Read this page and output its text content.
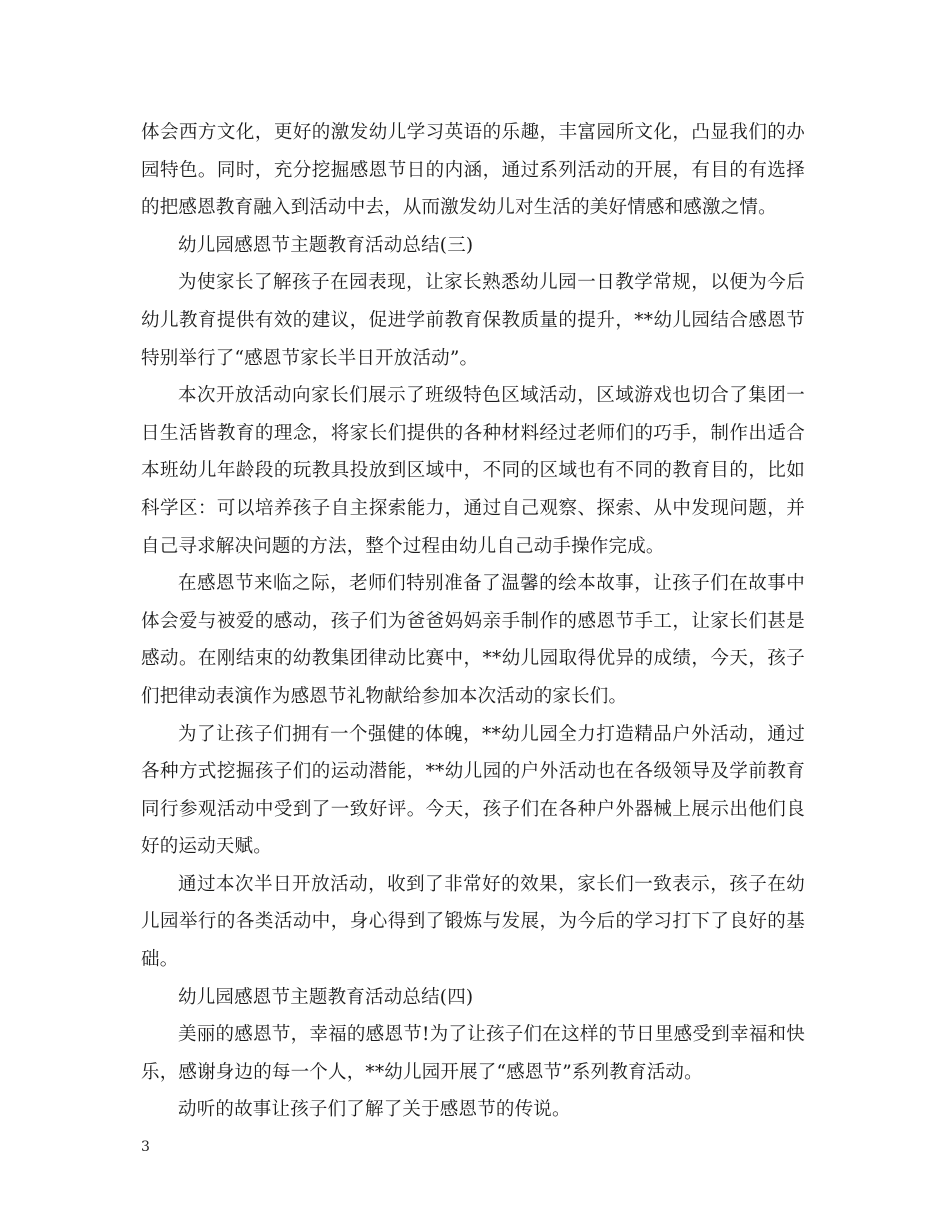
体会西方文化，更好的激发幼儿学习英语的乐趣，丰富园所文化，凸显我们的办园特色。同时，充分挖掘感恩节日的内涵，通过系列活动的开展，有目的有选择的把感恩教育融入到活动中去，从而激发幼儿对生活的美好情感和感激之情。

幼儿园感恩节主题教育活动总结(三)

为使家长了解孩子在园表现，让家长熟悉幼儿园一日教学常规，以便为今后幼儿教育提供有效的建议，促进学前教育保教质量的提升，**幼儿园结合感恩节特别举行了“感恩节家长半日开放活动”。

本次开放活动向家长们展示了班级特色区域活动，区域游戏也切合了集团一日生活皆教育的理念，将家长们提供的各种材料经过老师们的巧手，制作出适合本班幼儿年龄段的玩教具投放到区域中，不同的区域也有不同的教育目的，比如科学区：可以培养孩子自主探索能力，通过自己观察、探索、从中发现问题，并自己寻求解决问题的方法，整个过程由幼儿自己动手操作完成。

在感恩节来临之际，老师们特别准备了温馨的绘本故事，让孩子们在故事中体会爱与被爱的感动，孩子们为爸爸妈妈亲手制作的感恩节手工，让家长们甚是感动。在刚结束的幼教集团律动比赛中，**幼儿园取得优异的成绩，今天，孩子们把律动表演作为感恩节礼物献给参加本次活动的家长们。

为了让孩子们拥有一个强健的体魄，**幼儿园全力打造精品户外活动，通过各种方式挖掘孩子们的运动潜能，**幼儿园的户外活动也在各级领导及学前教育同行参观活动中受到了一致好评。今天，孩子们在各种户外器械上展示出他们良好的运动天赋。

通过本次半日开放活动，收到了非常好的效果，家长们一致表示，孩子在幼儿园举行的各类活动中，身心得到了锻炼与发展，为今后的学习打下了良好的基础。

幼儿园感恩节主题教育活动总结(四)

美丽的感恩节，幸福的感恩节!为了让孩子们在这样的节日里感受到幸福和快乐，感谢身边的每一个人，**幼儿园开展了“感恩节”系列教育活动。

动听的故事让孩子们了解了关于感恩节的传说。

3
